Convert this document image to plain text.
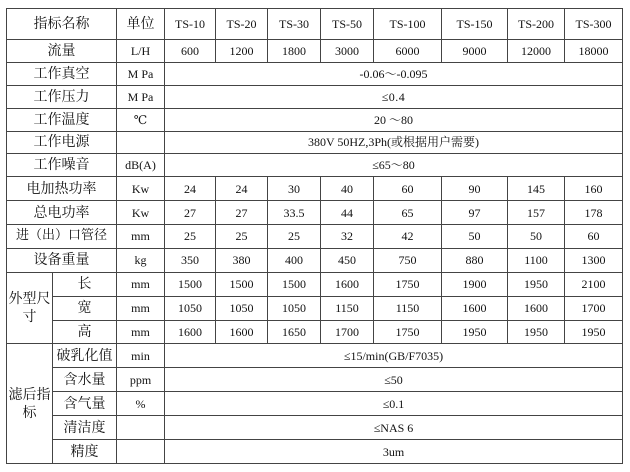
指标名称		单位	TS-10	TS-20	TS-30	TS-50	TS-100	TS-150	TS-200	TS-300
流量		L/H	600	1200	1800	3000	6000	9000	12000	18000
工作真空		M Pa	-0.06～-0.095							
工作压力		M Pa	≤0.4							
工作温度		℃	20 ～80							
工作电源			380V 50HZ,3Ph(或根据用户需要)							
工作噪音		dB(A)	≤65～80							
电加热功率		Kw	24	24	30	40	60	90	145	160
总电功率		Kw	27	27	33.5	44	65	97	157	178
进（出）口管径		mm	25	25	25	32	42	50	50	60
设备重量		kg	350	380	400	450	750	880	1100	1300
外型尺寸	长	mm	1500	1500	1500	1600	1750	1900	1950	2100
	宽	mm	1050	1050	1050	1150	1150	1600	1600	1700
	高	mm	1600	1600	1650	1700	1750	1950	1950	1950
滤后指标	破乳化值	min	≤15/min(GB/F7035)							
	含水量	ppm	≤50							
	含气量	%	≤0.1							
	清洁度		≤NAS 6							
	精度		3um							
